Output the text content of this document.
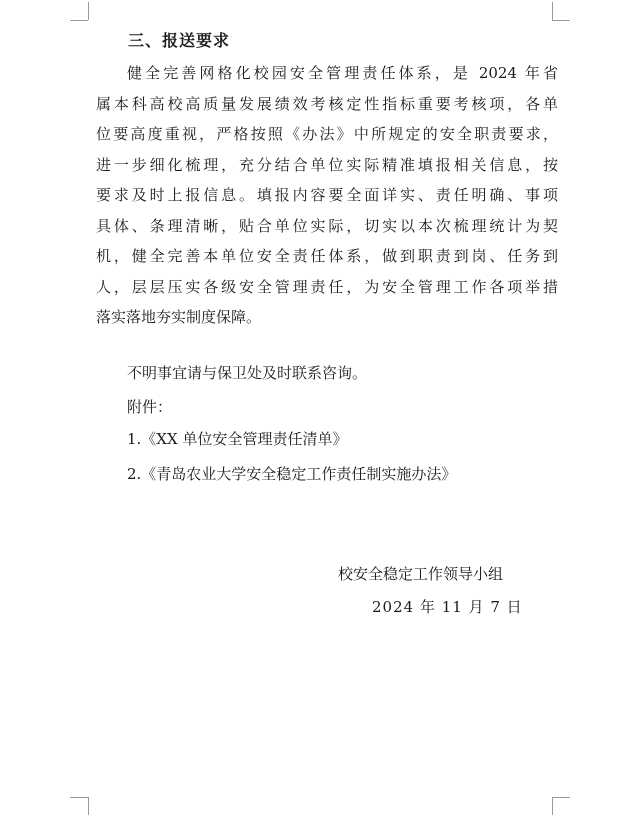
三、报送要求
健全完善网格化校园安全管理责任体系，是 2024 年省
属本科高校高质量发展绩效考核定性指标重要考核项，各单
位要高度重视，严格按照《办法》中所规定的安全职责要求，
进一步细化梳理，充分结合单位实际精准填报相关信息，按
要求及时上报信息。填报内容要全面详实、责任明确、事项
具体、条理清晰，贴合单位实际，切实以本次梳理统计为契
机，健全完善本单位安全责任体系，做到职责到岗、任务到
人，层层压实各级安全管理责任，为安全管理工作各项举措
落实落地夯实制度保障。
不明事宜请与保卫处及时联系咨询。
附件：
1.《XX 单位安全管理责任清单》
2.《青岛农业大学安全稳定工作责任制实施办法》
校安全稳定工作领导小组
2024 年 11 月 7 日
